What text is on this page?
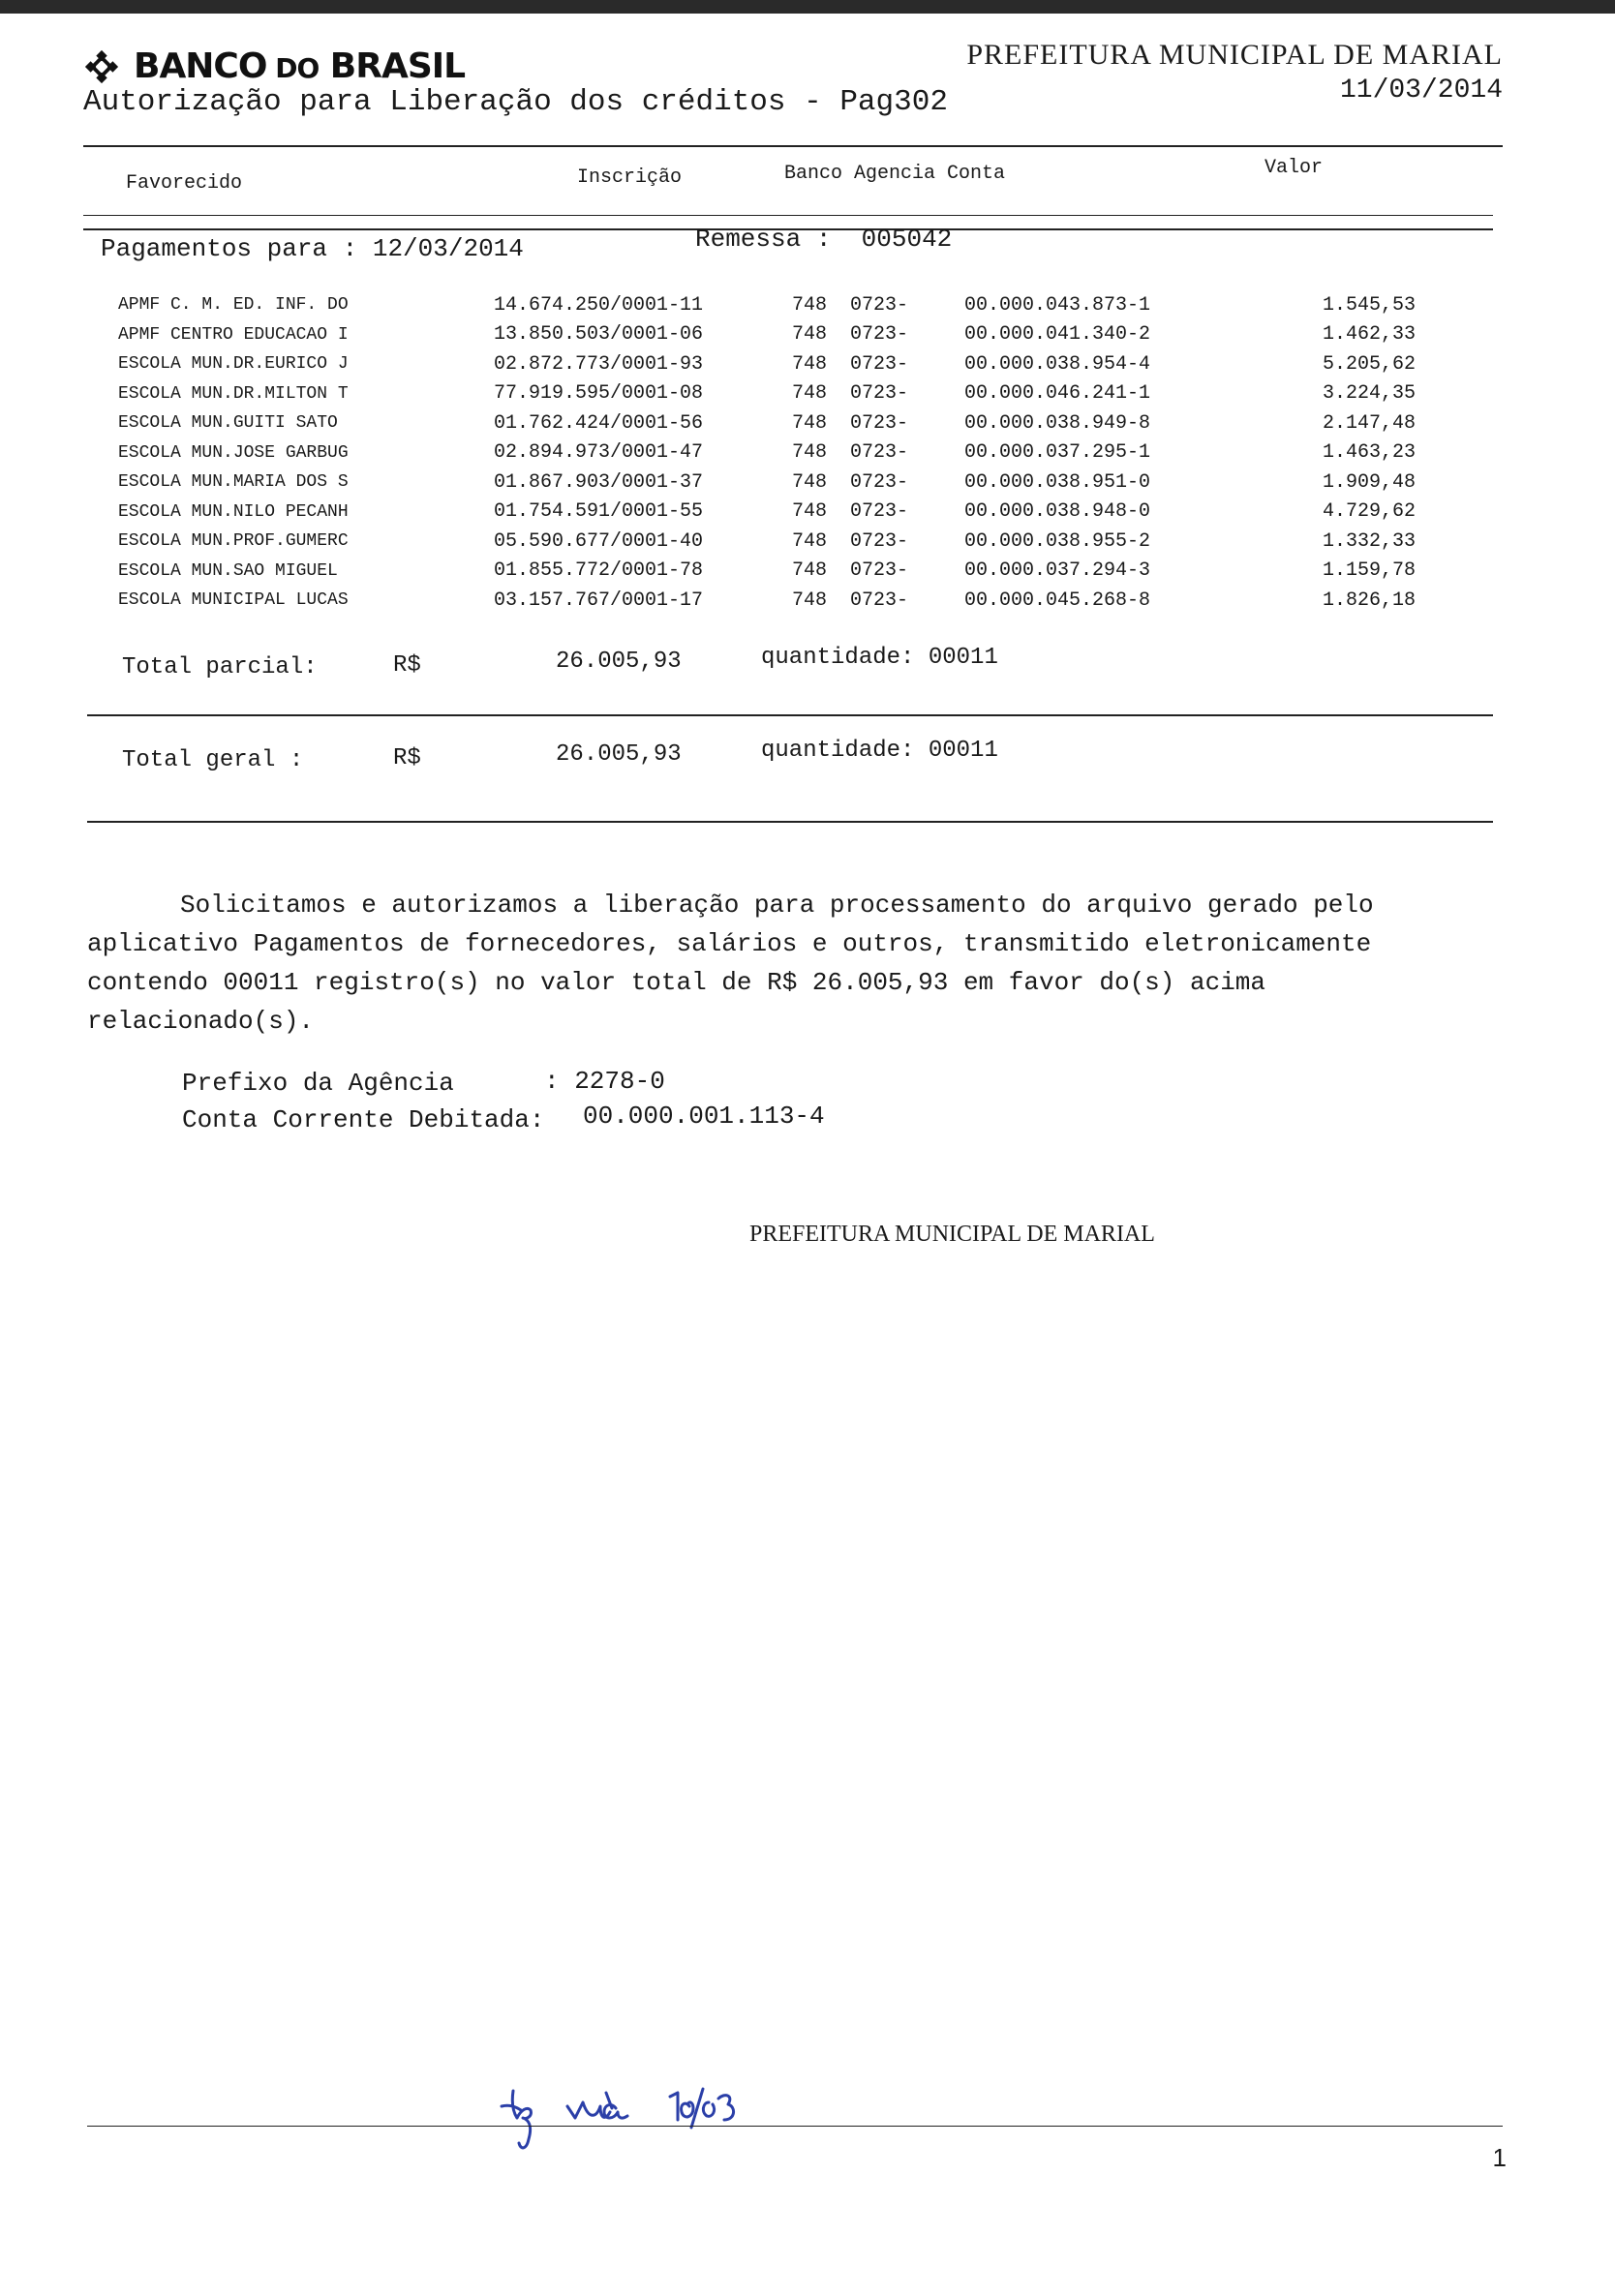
BANCO DO BRASIL
Autorização para Liberação dos créditos - Pag302
PREFEITURA MUNICIPAL DE MARIAL
11/03/2014
Favorecido	Inscrição	Banco Agencia Conta	Valor
Pagamentos para : 12/03/2014	Remessa : 005042
APMF C. M. ED. INF. DO	14.674.250/0001-11	748	0723-	00.000.043.873-1	1.545,53
APMF CENTRO EDUCACAO I	13.850.503/0001-06	748	0723-	00.000.041.340-2	1.462,33
ESCOLA MUN.DR.EURICO J	02.872.773/0001-93	748	0723-	00.000.038.954-4	5.205,62
ESCOLA MUN.DR.MILTON T	77.919.595/0001-08	748	0723-	00.000.046.241-1	3.224,35
ESCOLA MUN.GUITI SATO	01.762.424/0001-56	748	0723-	00.000.038.949-8	2.147,48
ESCOLA MUN.JOSE GARBUG	02.894.973/0001-47	748	0723-	00.000.037.295-1	1.463,23
ESCOLA MUN.MARIA DOS S	01.867.903/0001-37	748	0723-	00.000.038.951-0	1.909,48
ESCOLA MUN.NILO PECANH	01.754.591/0001-55	748	0723-	00.000.038.948-0	4.729,62
ESCOLA MUN.PROF.GUMERC	05.590.677/0001-40	748	0723-	00.000.038.955-2	1.332,33
ESCOLA MUN.SAO MIGUEL	01.855.772/0001-78	748	0723-	00.000.037.294-3	1.159,78
ESCOLA MUNICIPAL LUCAS	03.157.767/0001-17	748	0723-	00.000.045.268-8	1.826,18
Total parcial:	R$	26.005,93	quantidade: 00011
Total geral :	R$	26.005,93	quantidade: 00011
Solicitamos e autorizamos a liberação para processamento do arquivo gerado pelo aplicativo Pagamentos de fornecedores, salários e outros, transmitido eletronicamente contendo 00011 registro(s) no valor total de R$ 26.005,93 em favor do(s) acima relacionado(s).
Prefixo da Agência	: 2278-0
Conta Corrente Debitada: 00.000.001.113-4
PREFEITURA MUNICIPAL DE MARIAL
1
